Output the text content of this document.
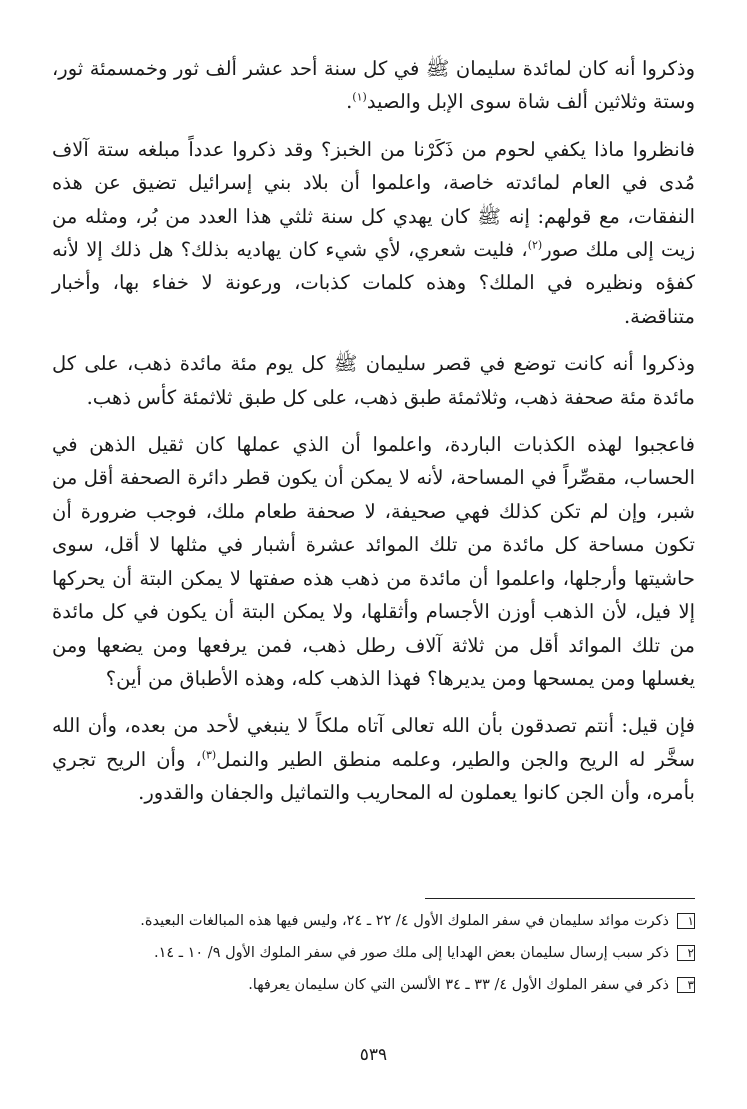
وذكروا أنه كان لمائدة سليمان ﷺ في كل سنة أحد عشر ألف ثور وخمسمئة ثور، وستة وثلاثين ألف شاة سوى الإبل والصيد$^{(١)}$.

فانظروا ماذا يكفي لحوم من ذَكَرْنا من الخبز؟ وقد ذكروا عدداً مبلغه ستة آلاف مُدى في العام لمائدته خاصة، واعلموا أن بلاد بني إسرائيل تضيق عن هذه النفقات، مع قولهم: إنه ﷺ كان يهدي كل سنة ثلثي هذا العدد من بُر، ومثله من زيت إلى ملك صور$^{(٢)}$، فليت شعري، لأي شيء كان يهاديه بذلك؟ هل ذلك إلا لأنه كفؤه ونظيره في الملك؟ وهذه كلمات كذبات، ورعونة لا خفاء بها، وأخبار متناقضة.

وذكروا أنه كانت توضع في قصر سليمان ﷺ كل يوم مئة مائدة ذهب، على كل مائدة مئة صحفة ذهب، وثلاثمئة طبق ذهب، على كل طبق ثلاثمئة كأس ذهب.

فاعجبوا لهذه الكذبات الباردة، واعلموا أن الذي عملها كان ثقيل الذهن في الحساب، مقصِّراً في المساحة، لأنه لا يمكن أن يكون قطر دائرة الصحفة أقل من شبر، وإن لم تكن كذلك فهي صحيفة، لا صحفة طعام ملك، فوجب ضرورة أن تكون مساحة كل مائدة من تلك الموائد عشرة أشبار في مثلها لا أقل، سوى حاشيتها وأرجلها، واعلموا أن مائدة من ذهب هذه صفتها لا يمكن البتة أن يحركها إلا فيل، لأن الذهب أوزن الأجسام وأثقلها، ولا يمكن البتة أن يكون في كل مائدة من تلك الموائد أقل من ثلاثة آلاف رطل ذهب، فمن يرفعها ومن يضعها ومن يغسلها ومن يمسحها ومن يديرها؟ فهذا الذهب كله، وهذه الأطباق من أين؟

فإن قيل: أنتم تصدقون بأن الله تعالى آتاه ملكاً لا ينبغي لأحد من بعده، وأن الله سخَّر له الريح والجن والطير، وعلمه منطق الطير والنمل$^{(٣)}$، وأن الريح تجري بأمره، وأن الجن كانوا يعملون له المحاريب والتماثيل والجفان والقدور.

١ذكرت موائد سليمان في سفر الملوك الأول ٤/ ٢٢ ـ ٢٤، وليس فيها هذه المبالغات البعيدة.

٢ذكر سبب إرسال سليمان بعض الهدايا إلى ملك صور في سفر الملوك الأول ٩/ ١٠ ـ ١٤.

٣ذكر في سفر الملوك الأول ٤/ ٣٣ ـ ٣٤ الألسن التي كان سليمان يعرفها.

٥٣٩
